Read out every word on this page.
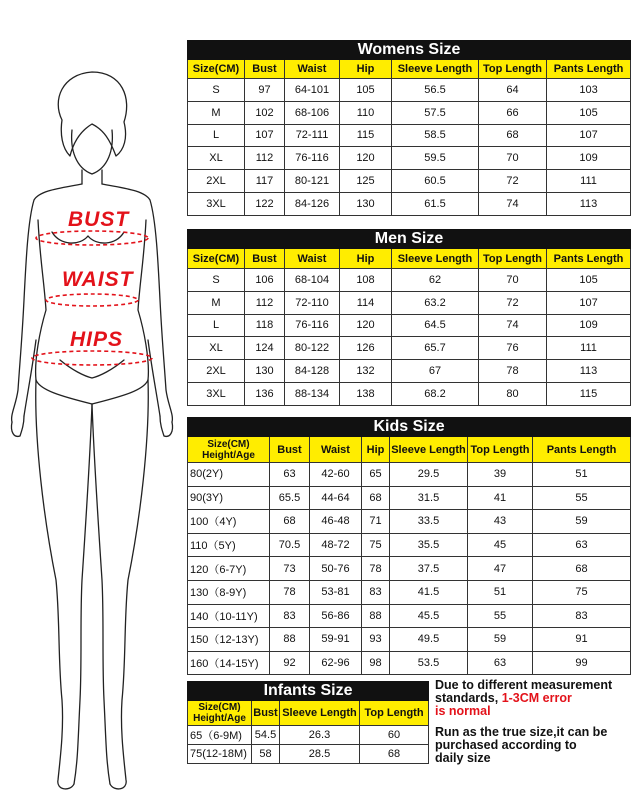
BUST
WAIST
HIPS
Womens Size						
Size(CM)	Bust	Waist	Hip	Sleeve Length	Top Length	Pants Length
S	97	64-101	105	56.5	64	103
M	102	68-106	110	57.5	66	105
L	107	72-111	115	58.5	68	107
XL	112	76-116	120	59.5	70	109
2XL	117	80-121	125	60.5	72	111
3XL	122	84-126	130	61.5	74	113
Men Size						
Size(CM)	Bust	Waist	Hip	Sleeve Length	Top Length	Pants Length
S	106	68-104	108	62	70	105
M	112	72-110	114	63.2	72	107
L	118	76-116	120	64.5	74	109
XL	124	80-122	126	65.7	76	111
2XL	130	84-128	132	67	78	113
3XL	136	88-134	138	68.2	80	115
Kids Size						
Size(CM)
Height/Age	Bust	Waist	Hip	Sleeve Length	Top Length	Pants Length
80(2Y)	63	42-60	65	29.5	39	51
90(3Y)	65.5	44-64	68	31.5	41	55
100（4Y)	68	46-48	71	33.5	43	59
110（5Y)	70.5	48-72	75	35.5	45	63
120（6-7Y)	73	50-76	78	37.5	47	68
130（8-9Y)	78	53-81	83	41.5	51	75
140（10-11Y)	83	56-86	88	45.5	55	83
150（12-13Y)	88	59-91	93	49.5	59	91
160（14-15Y)	92	62-96	98	53.5	63	99
Infants Size			
Size(CM)
Height/Age	Bust	Sleeve Length	Top Length
65（6-9M)	54.5	26.3	60
75(12-18M)	58	28.5	68
Due to different measurement
standards, 1-3CM error
is normal
Run as the true size,it can be
purchased according to
daily size
